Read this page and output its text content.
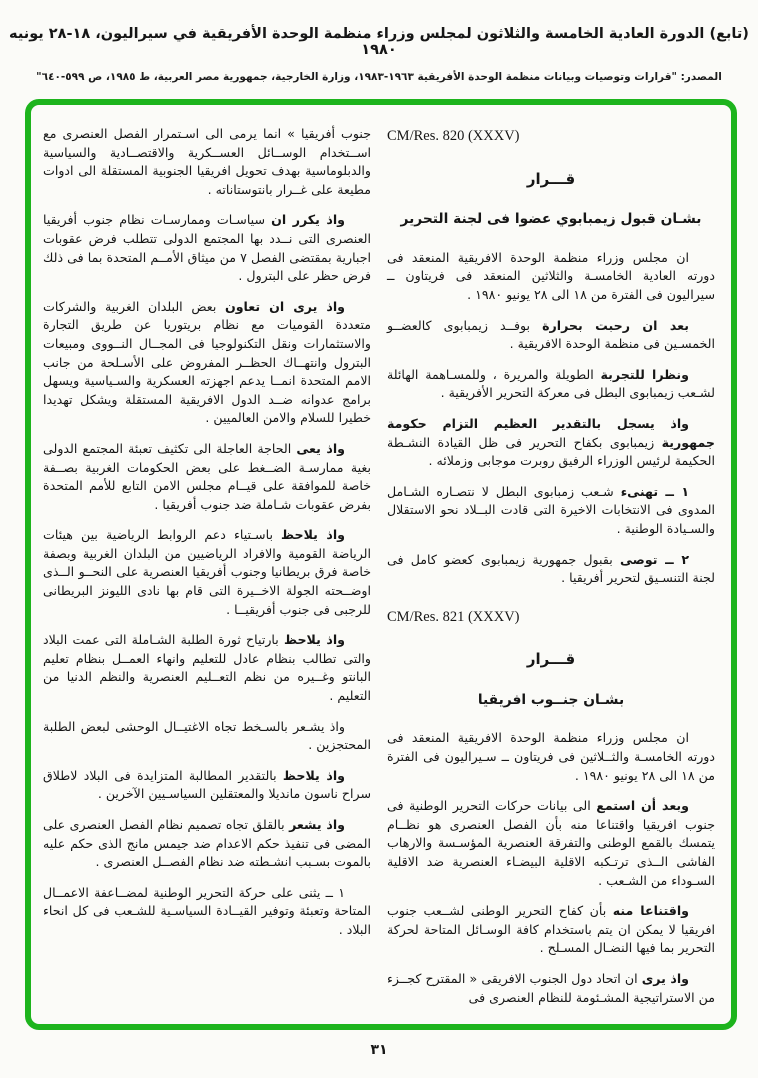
(تابع) الدورة العادية الخامسة والثلاثون لمجلس وزراء منظمة الوحدة الأفريقية في سيراليون، ١٨-٢٨ يونيه ١٩٨٠
المصدر: "قرارات وتوصيات وبيانات منظمة الوحدة الأفريقية ١٩٦٣-١٩٨٣، وزارة الخارجية، جمهورية مصر العربية، ط ١٩٨٥، ص ٥٩٩-٦٤٠"
CM/Res. 820 (XXXV)
قـــرار
بشـان قبول زيمبابوي عضوا فى لجنة التحرير

ان مجلس وزراء منظمة الوحدة الافريقية المنعقد فى دورته العادية الخامسـة والثلاثين المنعقد فى فريتاون ــ سيراليون فى الفترة من ١٨ الى ٢٨ يونيو ١٩٨٠ .

بعد ان رحبت بحرارة بوفــد زيمبابوى كالعضــو الخمسـين فى منظمة الوحدة الافريقية .

ونظرا للتجربة الطويلة والمريرة ، وللمسـاهمة الهائلة لشـعب زيمبابوى البطل فى معركة التحرير الأفريقية .

واذ يسجل بالتقدير العظيم التزام حكومة جمهورية زيمبابوى بكفاح التحرير فى ظل القيادة النشـطة الحكيمة لرئيس الوزراء الرفيق روبرت موجابى وزملائه .

١ ــ تهنىء شـعب زمبابوى البطل لا نتصـاره الشـامل المدوى فى الانتخابات الاخيرة التى قادت البــلاد نحو الاستقلال والسـيادة الوطنية .

٢ ــ توصى بقبول جمهورية زيمبابوى كعضو كامل فى لجنة التنسـيق لتحرير أفريقيا .

CM/Res. 821 (XXXV)
قـــرار
بشـان جنــوب افريقيا

ان مجلس وزراء منظمة الوحدة الافريقية المنعقد فى دورته الخامسـة والثــلاثين فى فريتاون ــ سـيراليون فى الفترة من ١٨ الى ٢٨ يونيو ١٩٨٠ .

وبعد أن استمع الى بيانات حركات التحرير الوطنية فى جنوب افريقيا واقتناعا منه بأن الفصل العنصرى هو نظــام يتمسك بالقمع الوطنى والتفرقة العنصرية المؤسـسة والارهاب الفاشى الــذى ترتـكبه الاقلية البيضـاء العنصرية ضد الاقلية السـوداء من الشـعب .

واقتناعا منه بأن كفاح التحرير الوطنى لشــعب جنوب افريقيا لا يمكن ان يتم باستخدام كافة الوسـائل المتاحة لحركة التحرير بما فيها النضـال المسـلح .

واذ يرى ان اتحاد دول الجنوب الافريقى « المقترح كجــزء من الاستراتيجية المشـئومة للنظام العنصرى فى

جنوب أفريقيا » انما يرمى الى اسـتمرار الفصل العنصرى مع اســتخدام الوســائل العســكرية والاقتصــادية والسياسية والدبلوماسية بهدف تحويل افريقيا الجنوبية المستقلة الى ادوات مطيعة على غــرار بانتوستاناته .

واذ يكرر ان سياسـات وممارسـات نظام جنوب أفريقيا العنصرى التى نــدد بها المجتمع الدولى تتطلب فرض عقوبات اجبارية بمقتضى الفصل ٧ من ميثاق الأمــم المتحدة بما فى ذلك فرض حظر على البترول .

واذ يرى ان تعاون بعض البلدان الغربية والشركات متعددة القوميات مع نظام بريتوريا عن طريق التجارة والاستثمارات ونقل التكنولوجيا فى المجــال النــووى ومبيعات البترول وانتهــاك الحظــر المفروض على الأسـلحة من جانب الامم المتحدة انمــا يدعم اجهزته العسكرية والسـياسية ويسهل برامج عدوانه ضــد الدول الافريقية المستقلة ويشكل تهديدا خطيرا للسلام والامن العالميين .

واذ يعى الحاجة العاجلة الى تكثيف تعبئة المجتمع الدولى بغية ممارسـة الضــغط على بعض الحكومات الغربية بصــفة خاصة للموافقة على قيــام مجلس الامن التابع للأمم المتحدة بفرض عقوبات شـاملة ضد جنوب أفريقيا .

واذ يلاحظ باسـتياء دعم الروابط الرياضية بين هيئات الرياضة القومية والافراد الرياضيين من البلدان الغربية وبصفة خاصة فرق بريطانيا وجنوب أفريقيا العنصرية على النحــو الــذى اوضــحته الجولة الاخــيرة التى قام بها نادى الليونز البريطانى للرجبى فى جنوب أفريقيــا .

واذ يلاحظ بارتياح ثورة الطلبة الشـاملة التى عمت البلاد والتى تطالب بنظام عادل للتعليم وانهاء العمــل بنظام تعليم البانتو وغــيره من نظم التعــليم العنصرية والنظم الدنيا من التعليم .

واذ يشـعر بالسـخط تجاه الاغتيــال الوحشى لبعض الطلبة المحتجزين .

واذ يلاحظ بالتقدير المطالبة المتزايدة فى البلاد لاطلاق سراح ناسون مانديلا والمعتقلين السياسـيين الآخرين .

واذ يشعر بالقلق تجاه تصميم نظام الفصل العنصرى على المضى فى تنفيذ حكم الاعدام ضد جيمس مانج الذى حكم عليه بالموت بسـبب انشـطته ضد نظام الفصــل العنصرى .

١ ــ يثنى على حركة التحرير الوطنية لمضــاعفة الاعمــال المتاحة وتعبئة وتوفير القيــادة السياسـية للشـعب فى كل انحاء البلاد .

٣١
